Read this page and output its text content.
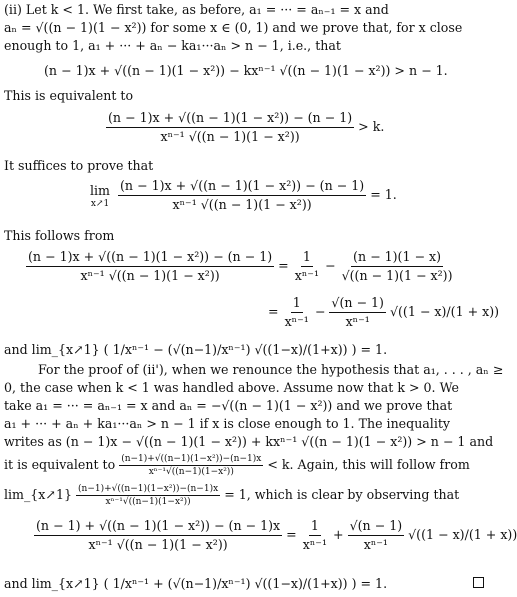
(ii) Let k < 1. We first take, as before, a₁ = ··· = aₙ₋₁ = x and
aₙ = √((n − 1)(1 − x²)) for some x ∈ (0, 1) and we prove that, for x close
enough to 1, a₁ + ··· + aₙ − ka₁···aₙ > n − 1, i.e., that
(n − 1)x + √((n − 1)(1 − x²)) − kxⁿ⁻¹ √((n − 1)(1 − x²)) > n − 1.
This is equivalent to
$\frac{\text{(n − 1)x + √((n − 1)(1 − x²)) − (n − 1)}}{\text{xⁿ⁻¹ √((n − 1)(1 − x²))}} > k$.
It suffices to prove that
lim
x↗1
$\frac{\text{(n − 1)x + √((n − 1)(1 − x²)) − (n − 1)}}{\text{xⁿ⁻¹ √((n − 1)(1 − x²))}} = 1$.
This follows from
$\frac{\text{(n − 1)x + √((n − 1)(1 − x²)) − (n − 1)}}{\text{xⁿ⁻¹ √((n − 1)(1 − x²))}} = \frac{1}{\text{xⁿ⁻¹}} - \frac{(n - 1)(1 - x)}{\text{√((n − 1)(1 − x²))}}$
= $\frac{1}{\text{xⁿ⁻¹}} - \frac{√(n - 1)}{\text{xⁿ⁻¹}} √((1 - x)/(1 + x))$
and lim_{x↗1} ( 1/xⁿ⁻¹ − (√(n−1)/xⁿ⁻¹) √((1−x)/(1+x)) ) = 1.
For the proof of (ii'), when we renounce the hypothesis that a₁, . . . , aₙ ≥
0, the case when k < 1 was handled above. Assume now that k > 0. We
take a₁ = ··· = aₙ₋₁ = x and aₙ = −√((n − 1)(1 − x²)) and we prove that
a₁ + ··· + aₙ + ka₁···aₙ > n − 1 if x is close enough to 1. The inequality
writes as (n − 1)x − √((n − 1)(1 − x²)) + kxⁿ⁻¹ √((n − 1)(1 − x²)) > n − 1 and
it is equivalent to $\frac{\text{(n−1)+√((n−1)(1−x²))−(n−1)x}}{\text{xⁿ⁻¹√((n−1)(1−x²))}} < k$. Again, this will follow from
lim_{x↗1} $\frac{\text{(n−1)+√((n−1)(1−x²))−(n−1)x}}{\text{xⁿ⁻¹√((n−1)(1−x²))}} = 1$, which is clear by observing that
$\frac{\text{(n − 1) + √((n − 1)(1 − x²)) − (n − 1)x}}{\text{xⁿ⁻¹ √((n − 1)(1 − x²))}} = \frac{1}{\text{xⁿ⁻¹}} + \frac{√(n - 1)}{\text{xⁿ⁻¹}} √((1 - x)/(1 + x))$
and lim_{x↗1} ( 1/xⁿ⁻¹ + (√(n−1)/xⁿ⁻¹) √((1−x)/(1+x)) ) = 1.
